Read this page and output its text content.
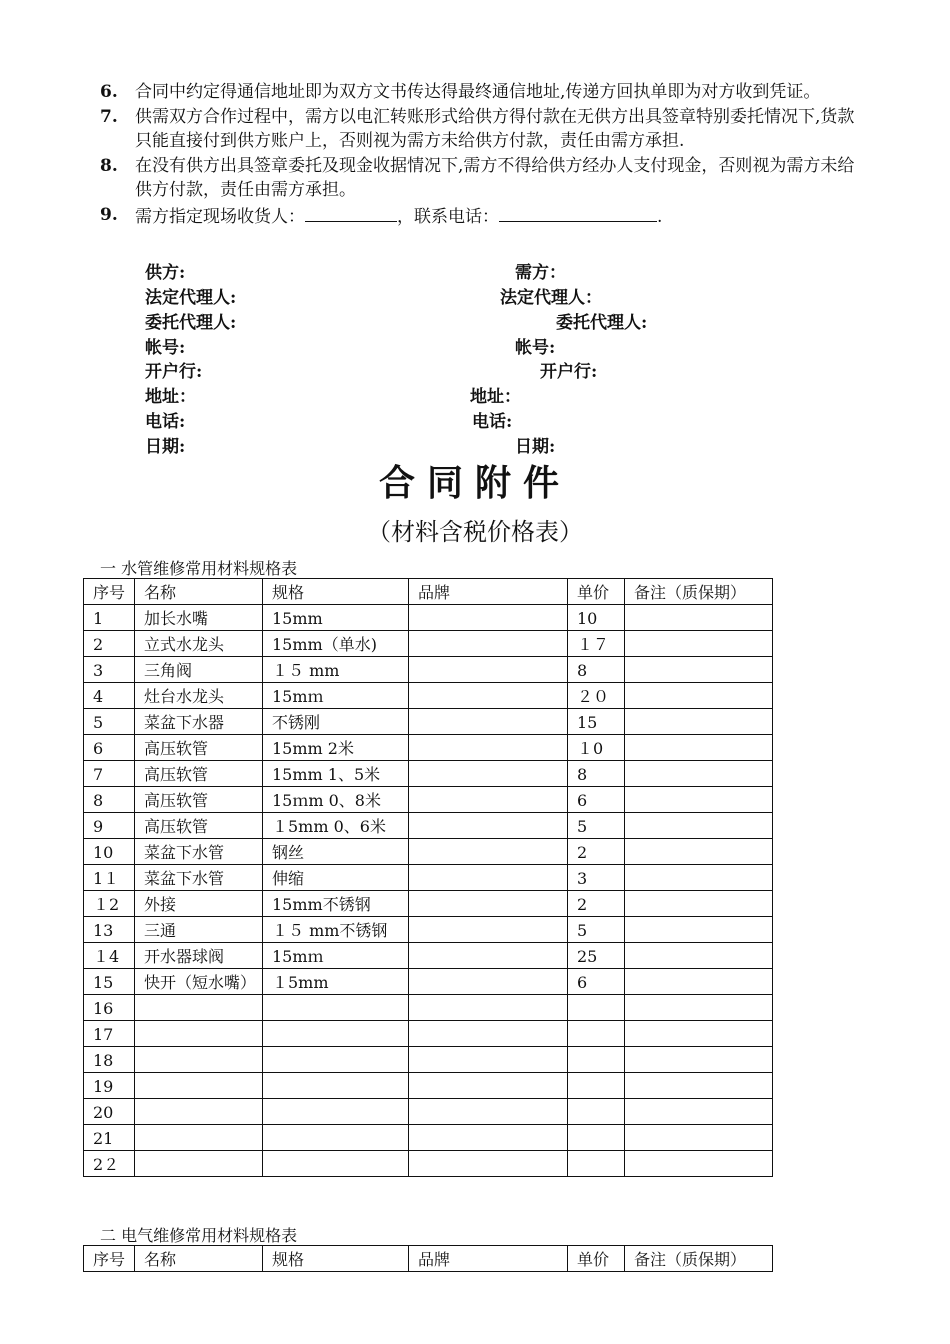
6.	合同中约定得通信地址即为双方文书传达得最终通信地址,传递方回执单即为对方收到凭证。
7.	供需双方合作过程中，需方以电汇转账形式给供方得付款在无供方出具签章特别委托情况下,货款只能直接付到供方账户上，否则视为需方未给供方付款，责任由需方承担.
8.	在没有供方出具签章委托及现金收据情况下,需方不得给供方经办人支付现金，否则视为需方未给供方付款，责任由需方承担。
9.	需方指定现场收货人：	，联系电话：	.
供方:	需方：
法定代理人:	法定代理人：
委托代理人:	委托代理人:
帐号:	帐号:
开户行:	开户行:
地址：	地址：
电话:	电话:
日期:	日期:
合同附件
（材料含税价格表）
一 水管维修常用材料规格表
序号	名称	规格	品牌	单价	备注（质保期）
1	加长水嘴	15mm		10	
2	立式水龙头	15mm（单水)		１７	
3	三角阀	１５ mm		8	
4	灶台水龙头	15mｍ		２０	
5	菜盆下水器	不锈刚		15	
6	高压软管	15mm 2米		１0	
7	高压软管	15mm 1、5米		8	
8	高压软管	15ｍm 0、8米		6	
9	高压软管	１5mm 0、6米		5	
10	菜盆下水管	钢丝		2	
1１	菜盆下水管	伸缩		3	
１2	外接	15mm不锈钢		2	
13	三通	１５ mm不锈钢		5	
１4	开水器球阀	15mｍ		25	
15	快开（短水嘴）	１5mm		6	
16					
17					
18					
19					
20					
21					
2２					
二 电气维修常用材料规格表
序号	名称	规格	品牌	单价	备注（质保期）
